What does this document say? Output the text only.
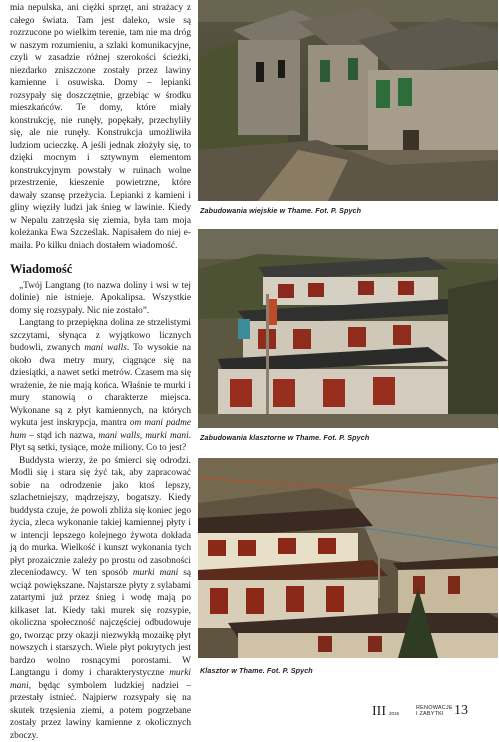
mia nepulska, ani ciężki sprzęt, ani strażacy z całego świata. Tam jest daleko, wsie są rozrzucone po wielkim terenie, tam nie ma dróg w naszym rozumieniu, a szlaki komunikacyjne, czyli w zasadzie różnej szerokości ścieżki, niezdarko zniszczone zostały przez lawiny kamienne i osuwiska. Domy – lepianki rozsypały się doszczętnie, grzebiąc w środku mieszkańców. Te domy, które miały konstrukcję, nie runęły, popękały, przechyliły się, ale nie runęły. Konstrukcja umożliwiła ludziom ucieczkę. A jeśli jednak złożyły się, to dzięki mocnym i sztywnym elementom konstrukcyjnym powstały w ruinach wolne przestrzenie, kieszenie powietrzne, które dawały szansę przeżycia. Lepianki z kamieni i gliny więziły ludzi jak śnieg w lawinie. Kiedy w Nepalu zatrzęsła się ziemia, była tam moja koleżanka Ewa Szcześlak. Napisałem do niej e-maila. Po kilku dniach dostałem wiadomość.

Wiadomość

„Twój Langtang (to nazwa doliny i wsi w tej dolinie) nie istnieje. Apokalipsa. Wszystkie domy się rozsypały. Nic nie zostało”.

Langtang to przepiękna dolina ze strzelistymi szczytami, słynąca z wyjątkowo licznych budowli, zwanych mani walls. To wysokie na około dwa metry mury, ciągnące się na dziesiątki, a nawet setki metrów. Czasem ma się wrażenie, że nie mają końca. Właśnie te murki i mury stanowią o charakterze miejsca. Wykonane są z płyt kamiennych, na których wykuta jest inskrypcja, mantra om mani padme hum – stąd ich nazwa, mani walls, murki mani. Płyt są setki, tysiące, może miliony. Co to jest?

Buddysta wierzy, że po śmierci się odrodzi. Modli się i stara się żyć tak, aby zapracować sobie na odrodzenie jako ktoś lepszy, szlachetniejszy, mądrzejszy, bogatszy. Kiedy buddysta czuje, że powoli zbliża się koniec jego życia, zleca wykonanie takiej kamiennej płyty i w intencji lepszego kolejnego żywota dokłada ją do murka. Wielkość i kunszt wykonania tych płyt prozaicznie zależy po prostu od zasobności zleceniodawcy. W ten sposób murki mani są wciąż powiększane. Najstarsze płyty z sylabami zatartymi już przez śnieg i wodę mają po kilkaset lat. Kiedy taki murek się rozsypie, okoliczna społeczność najczęściej odbudowuje go, tworząc przy okazji niezwykłą mozaikę płyt nowszych i starszych. Wiele płyt pokrytych jest bardzo wolno rosnącymi porostami. W Langtangu i domy i charakterystyczne murki mani, będąc symbolem ludzkiej nadziei – przestały istnieć. Najpierw rozsypały się na skutek trzęsienia ziemi, a potem pogrzebane zostały przez lawiny kamienne z okolicznych zboczy.

Zabudowania wiejskie w Thame. Fot. P. Spych
Zabudowania klasztorne w Thame. Fot. P. Spych
Klasztor w Thame. Fot. P. Spych
III 2015
RENOWACJE
I ZABYTKI 13
